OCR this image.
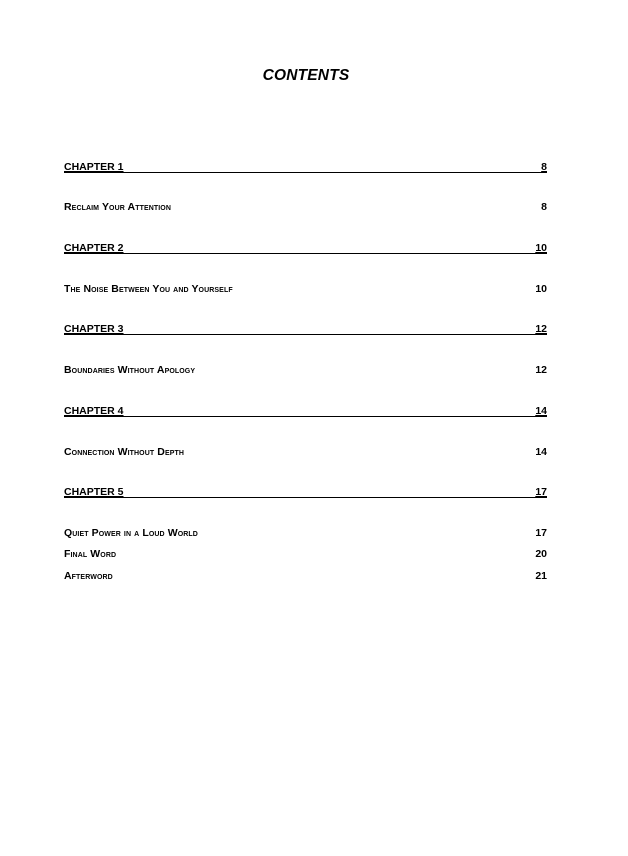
CONTENTS
CHAPTER 1	8
Reclaim Your Attention	8
CHAPTER 2	10
The Noise Between You and Yourself	10
CHAPTER 3	12
Boundaries Without Apology	12
CHAPTER 4	14
Connection Without Depth	14
CHAPTER 5	17
Quiet Power in a Loud World	17
Final Word	20
Afterword	21
